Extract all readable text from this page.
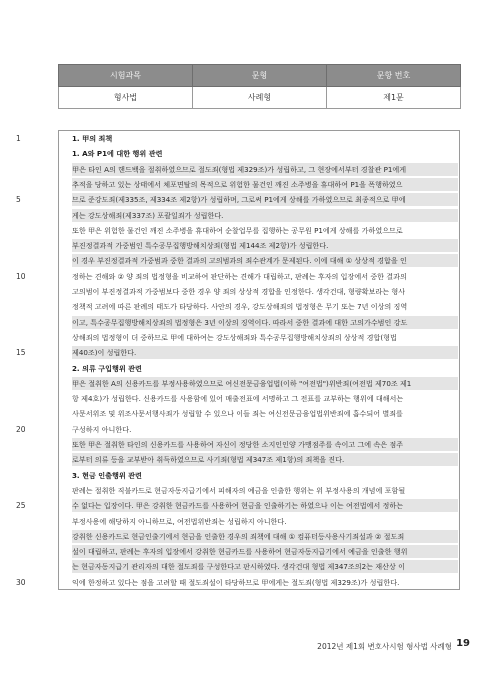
시험과목	문형	문항 번호
형사법	사례형	제1문
1. 甲의 죄책
1. A와 P1에 대한 행위 관련
甲은 타인 A의 핸드백을 절취하였으므로 절도죄(형법 제329조)가 성립하고, 그 현장에서부터 경찰관 P1에게
추적을 당하고 있는 상태에서 체포면탈의 목적으로 위험한 물건인 깨진 소주병을 휴대하여 P1을 폭행하였으
므로 준강도죄(제335조, 제334조 제2항)가 성립하며, 그로써 P1에게 상해를 가하였으므로 최종적으로 甲에
게는 강도상해죄(제337조) 포괄일죄가 성립한다.
또한 甲은 위험한 물건인 깨진 소주병을 휴대하여 순찰업무를 집행하는 공무원 P1에게 상해를 가하였으므로
부진정결과적 가중범인 특수공무집행방해치상죄(형법 제144조 제2항)가 성립한다.
이 경우 부진정결과적 가중범과 중한 결과의 고의범과의 죄수관계가 문제된다. 이에 대해 ① 상상적 경합을 인
정하는 견해와 ② 양 죄의 법정형을 비교하여 판단하는 견해가 대립하고, 판례는 후자의 입장에서 중한 결과의
고의범이 부진정결과적 가중범보다 중한 경우 양 죄의 상상적 경합을 인정한다. 생각건대, 형량확보라는 형사
정책적 고려에 따른 판례의 태도가 타당하다. 사안의 경우, 강도상해죄의 법정형은 무기 또는 7년 이상의 징역
이고, 특수공무집행방해치상죄의 법정형은 3년 이상의 징역이다. 따라서 중한 결과에 대한 고의가수범인 강도
상해죄의 법정형이 더 중하므로 甲에 대하여는 강도상해죄와 특수공무집행방해치상죄의 상상적 경합(형법
제40조)이 성립한다.
2. 의류 구입행위 관련
甲은 절취한 A의 신용카드를 부정사용하였으므로 여신전문금융업법(이하 "여전법")위반죄(여전법 제70조 제1
항 제4호)가 성립한다. 신용카드를 사용함에 있어 매출전표에 서명하고 그 전표를 교부하는 행위에 대해서는
사문서위조 및 위조사문서행사죄가 성립할 수 있으나 이들 죄는 여신전문금융업법위반죄에 흡수되어 별죄를
구성하지 아니한다.
또한 甲은 절취한 타인의 신용카드를 사용하여 자신이 정당한 소지인인양 가맹점주를 속이고 그에 속은 점주
로부터 의류 등을 교부받아 취득하였으므로 사기죄(형법 제347조 제1항)의 죄책을 진다.
3. 현금 인출행위 관련
판례는 절취한 직불카드로 현금자동지급기에서 피해자의 예금을 인출한 행위는 위 부정사용의 개념에 포함될
수 없다는 입장이다. 甲은 강취한 현금카드를 사용하여 현금을 인출하기는 하였으나 이는 여전법에서 정하는
부정사용에 해당하지 아니하므로, 여전법위반죄는 성립하지 아니한다.
강취한 신용카드로 현금인출기에서 현금을 인출한 경우의 죄책에 대해 ① 컴퓨터등사용사기죄설과 ② 절도죄
설이 대립하고, 판례는 후자의 입장에서 강취한 현금카드를 사용하여 현금자동지급기에서 예금을 인출한 행위
는 현금자동지급기 관리자의 대한 절도죄를 구성한다고 판시하였다. 생각건대 형법 제347조의2는 재산상 이
익에 한정하고 있다는 점을 고려할 때 절도죄설이 타당하므로 甲에게는 절도죄(형법 제329조)가 성립한다.
1
5
10
15
20
25
30
2012년 제1회 변호사시험 형사법 사례형 19
